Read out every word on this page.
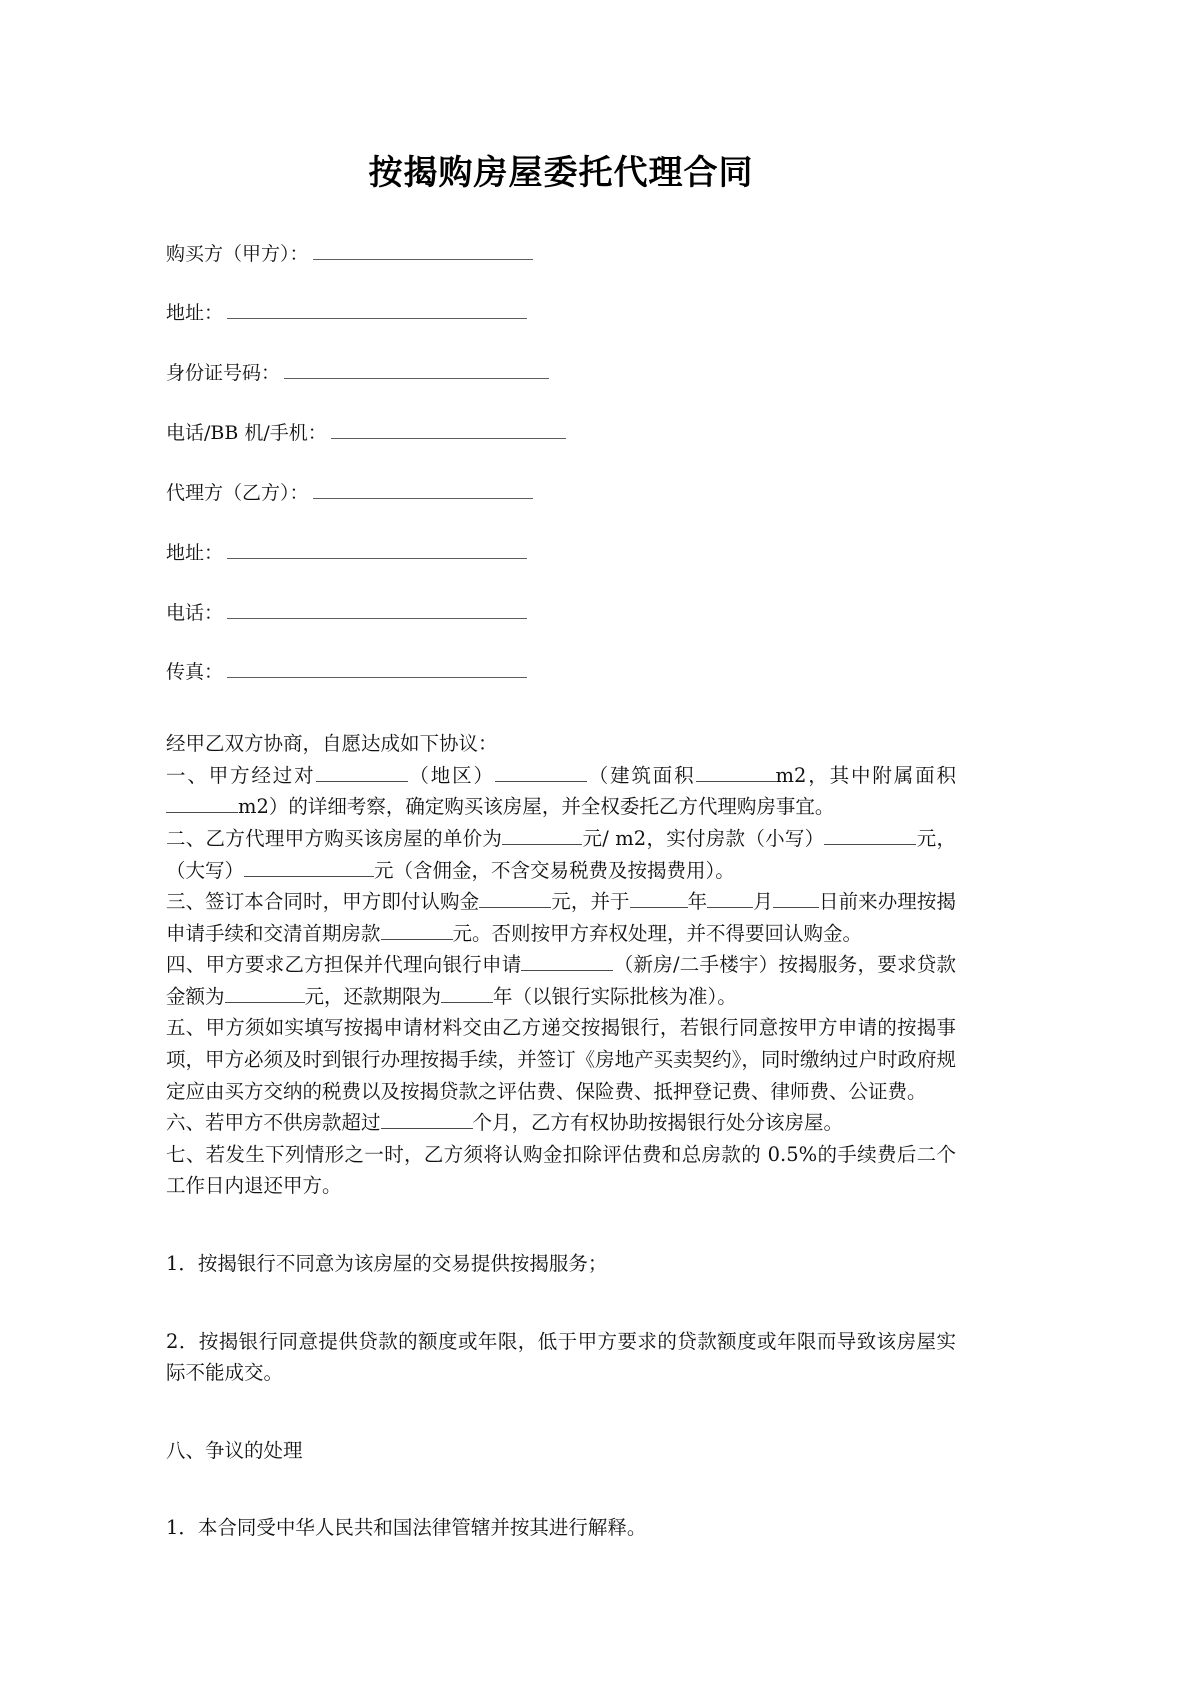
按揭购房屋委托代理合同
购买方（甲方）：
地址：
身份证号码：
电话/BB 机/手机：
代理方（乙方）：
地址：
电话：
传真：

经甲乙双方协商，自愿达成如下协议：

一、甲方经过对	（地区）	（建筑面积	m2，其中附属面积m2）的详细考察，确定购买该房屋，并全权委托乙方代理购房事宜。

二、乙方代理甲方购买该房屋的单价为	元/ m2，实付房款（小写）	元，（大写）	元（含佣金，不含交易税费及按揭费用）。

三、签订本合同时，甲方即付认购金	元，并于	年 月 日前来办理按揭申请手续和交清首期房款	元。否则按甲方弃权处理，并不得要回认购金。

四、甲方要求乙方担保并代理向银行申请	（新房/二手楼宇）按揭服务，要求贷款金额为	元，还款期限为	年（以银行实际批核为准）。

五、甲方须如实填写按揭申请材料交由乙方递交按揭银行，若银行同意按甲方申请的按揭事项，甲方必须及时到银行办理按揭手续，并签订《房地产买卖契约》，同时缴纳过户时政府规定应由买方交纳的税费以及按揭贷款之评估费、保险费、抵押登记费、律师费、公证费。

六、若甲方不供房款超过	个月，乙方有权协助按揭银行处分该房屋。

七、若发生下列情形之一时，乙方须将认购金扣除评估费和总房款的 0.5%的手续费后二个工作日内退还甲方。

1．按揭银行不同意为该房屋的交易提供按揭服务；

2．按揭银行同意提供贷款的额度或年限，低于甲方要求的贷款额度或年限而导致该房屋实际不能成交。

八、争议的处理

1．本合同受中华人民共和国法律管辖并按其进行解释。
